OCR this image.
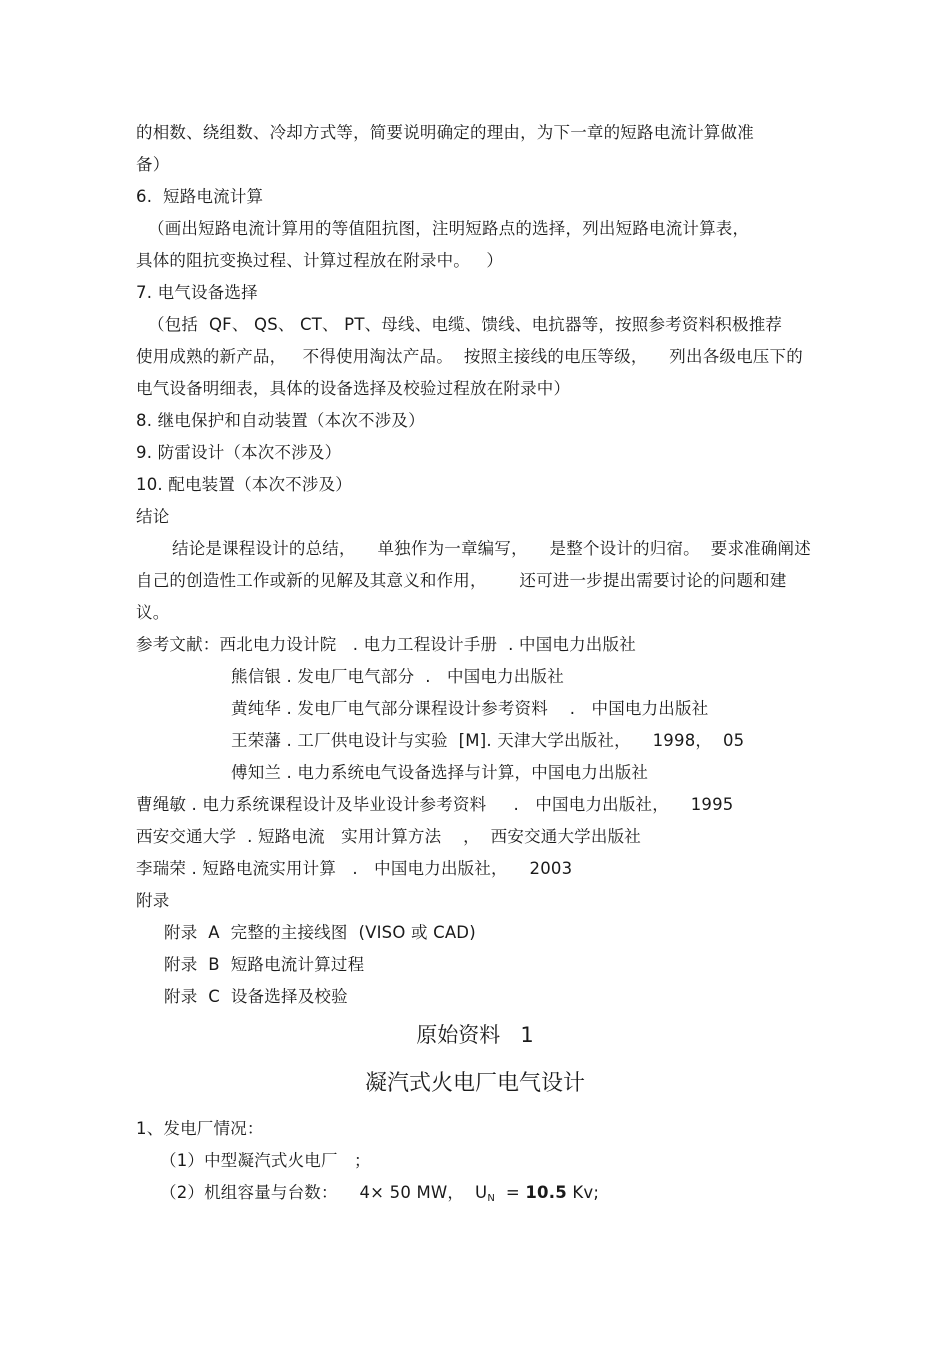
的相数、绕组数、冷却方式等，简要说明确定的理由，为下一章的短路电流计算做准
备）
6.  短路电流计算
（画出短路电流计算用的等值阻抗图，注明短路点的选择，列出短路电流计算表，
具体的阻抗变换过程、计算过程放在附录中。   ）
7. 电气设备选择
（包括  QF、 QS、 CT、 PT、母线、电缆、馈线、电抗器等，按照参考资料积极推荐
使用成熟的新产品，   不得使用淘汰产品。  按照主接线的电压等级，    列出各级电压下的
电气设备明细表，具体的设备选择及校验过程放在附录中）
8. 继电保护和自动装置（本次不涉及）
9. 防雷设计（本次不涉及）
10. 配电装置（本次不涉及）
结论
结论是课程设计的总结，    单独作为一章编写，    是整个设计的归宿。  要求准确阐述
自己的创造性工作或新的见解及其意义和作用，      还可进一步提出需要讨论的问题和建
议。
参考文献：西北电力设计院   . 电力工程设计手册  . 中国电力出版社
熊信银 . 发电厂电气部分  .   中国电力出版社
黄纯华 . 发电厂电气部分课程设计参考资料    .   中国电力出版社
王荣藩 . 工厂供电设计与实验  [M]. 天津大学出版社，    1998，  05
傅知兰 . 电力系统电气设备选择与计算，中国电力出版社
曹绳敏 . 电力系统课程设计及毕业设计参考资料     .   中国电力出版社，    1995
西安交通大学  . 短路电流   实用计算方法    ，  西安交通大学出版社
李瑞荣 . 短路电流实用计算   .   中国电力出版社，    2003
附录
附录  A  完整的主接线图  (VISO 或 CAD)
附录  B  短路电流计算过程
附录  C  设备选择及校验
原始资料   1
凝汽式火电厂电气设计
1、发电厂情况：
（1）中型凝汽式火电厂   ；
（2）机组容量与台数：    4× 50 MW，  $U_N = 10.5$ Kv;
